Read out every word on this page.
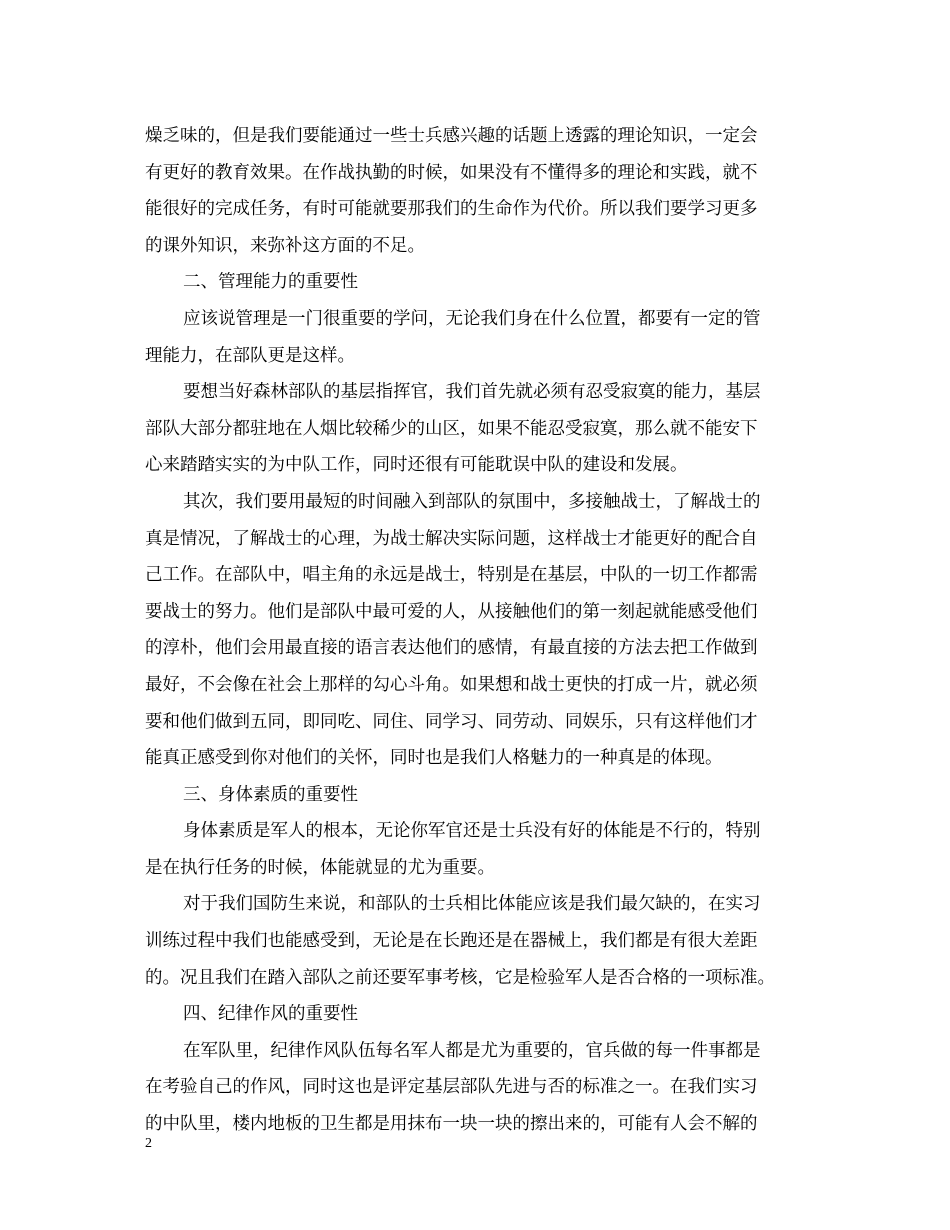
燥乏味的，但是我们要能通过一些士兵感兴趣的话题上透露的理论知识，一定会
有更好的教育效果。在作战执勤的时候，如果没有不懂得多的理论和实践，就不
能很好的完成任务，有时可能就要那我们的生命作为代价。所以我们要学习更多
的课外知识，来弥补这方面的不足。
二、管理能力的重要性
应该说管理是一门很重要的学问，无论我们身在什么位置，都要有一定的管
理能力，在部队更是这样。
要想当好森林部队的基层指挥官，我们首先就必须有忍受寂寞的能力，基层
部队大部分都驻地在人烟比较稀少的山区，如果不能忍受寂寞，那么就不能安下
心来踏踏实实的为中队工作，同时还很有可能耽误中队的建设和发展。
其次，我们要用最短的时间融入到部队的氛围中，多接触战士，了解战士的
真是情况，了解战士的心理，为战士解决实际问题，这样战士才能更好的配合自
己工作。在部队中，唱主角的永远是战士，特别是在基层，中队的一切工作都需
要战士的努力。他们是部队中最可爱的人，从接触他们的第一刻起就能感受他们
的淳朴，他们会用最直接的语言表达他们的感情，有最直接的方法去把工作做到
最好，不会像在社会上那样的勾心斗角。如果想和战士更快的打成一片，就必须
要和他们做到五同，即同吃、同住、同学习、同劳动、同娱乐，只有这样他们才
能真正感受到你对他们的关怀，同时也是我们人格魅力的一种真是的体现。
三、身体素质的重要性
身体素质是军人的根本，无论你军官还是士兵没有好的体能是不行的，特别
是在执行任务的时候，体能就显的尤为重要。
对于我们国防生来说，和部队的士兵相比体能应该是我们最欠缺的，在实习
训练过程中我们也能感受到，无论是在长跑还是在器械上，我们都是有很大差距
的。况且我们在踏入部队之前还要军事考核，它是检验军人是否合格的一项标准。
四、纪律作风的重要性
在军队里，纪律作风队伍每名军人都是尤为重要的，官兵做的每一件事都是
在考验自己的作风，同时这也是评定基层部队先进与否的标准之一。在我们实习
的中队里，楼内地板的卫生都是用抹布一块一块的擦出来的，可能有人会不解的
2
